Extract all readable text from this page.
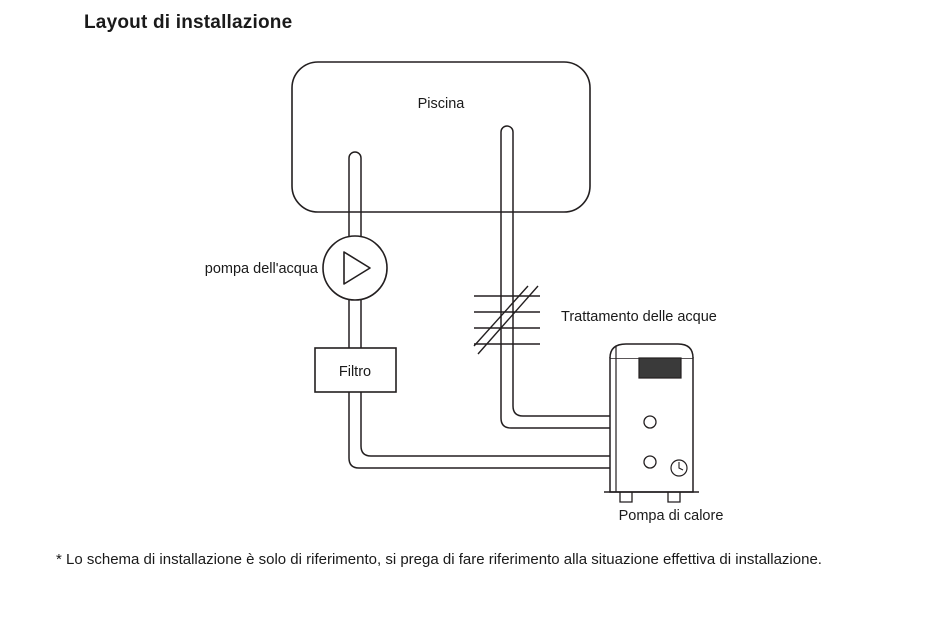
Layout di installazione
Piscina
pompa dell'acqua
Filtro
Trattamento delle acque
Pompa di calore
* Lo schema di installazione è solo di riferimento, si prega di fare riferimento alla situazione effettiva di installazione.
